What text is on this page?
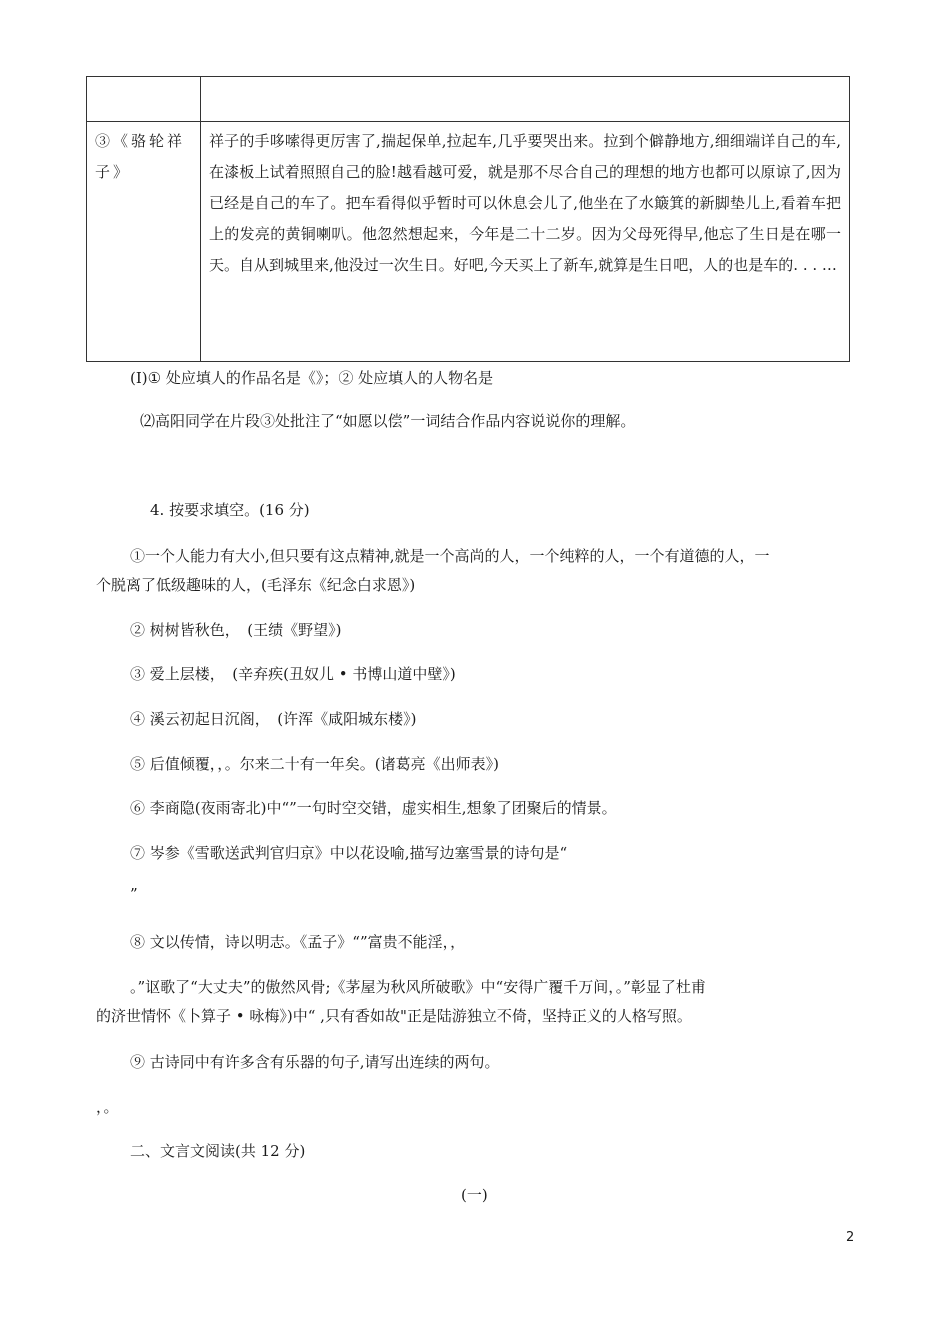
③《骆轮祥子》	祥子的手哆嗦得更厉害了,揣起保单,拉起车,几乎要哭出来。拉到个僻静地方,细细端详自己的车,在漆板上试着照照自己的脸!越看越可爱，就是那不尽合自己的理想的地方也都可以原谅了,因为已经是自己的车了。把车看得似乎暂时可以休息会儿了,他坐在了水簸箕的新脚垫儿上,看着车把上的发亮的黄铜喇叭。他忽然想起来，今年是二十二岁。因为父母死得早,他忘了生日是在哪一天。自从到城里来,他没过一次生日。好吧,今天买上了新车,就算是生日吧，人的也是车的. . . …
(I)① 处应填人的作品名是《》；② 处应填人的人物名是
⑵高阳同学在片段③处批注了“如愿以偿”一词结合作品内容说说你的理解。
4. 按要求填空。(16 分)
①一个人能力有大小,但只要有这点精神,就是一个高尚的人，一个纯粹的人，一个有道德的人，一
个脱离了低级趣味的人，(毛泽东《纪念白求恩》)
② 树树皆秋色，　(王绩《野望》)
③ 爱上层楼，　(辛弃疾(丑奴儿 • 书博山道中壁》)
④ 溪云初起日沉阁，　(许浑《咸阳城东楼》)
⑤ 后值倾覆，，。尔来二十有一年矣。(诸葛亮《出师表》)
⑥ 李商隐(夜雨寄北)中“”一句时空交错，虚实相生,想象了团聚后的情景。
⑦ 岑参《雪歌送武判官归京》中以花设喻,描写边塞雪景的诗句是“
”
⑧ 文以传情，诗以明志。《孟子》“”富贵不能淫，，
。”讴歌了“大丈夫”的傲然风骨;《茅屋为秋风所破歌》中“安得广覆千万间，。”彰显了杜甫
的济世情怀《卜算子 • 咏梅》)中“ ,只有香如故"正是陆游独立不倚，坚持正义的人格写照。
⑨ 古诗同中有许多含有乐器的句子,请写出连续的两句。
，。
二、文言文阅读(共 12 分)
(一)
2
